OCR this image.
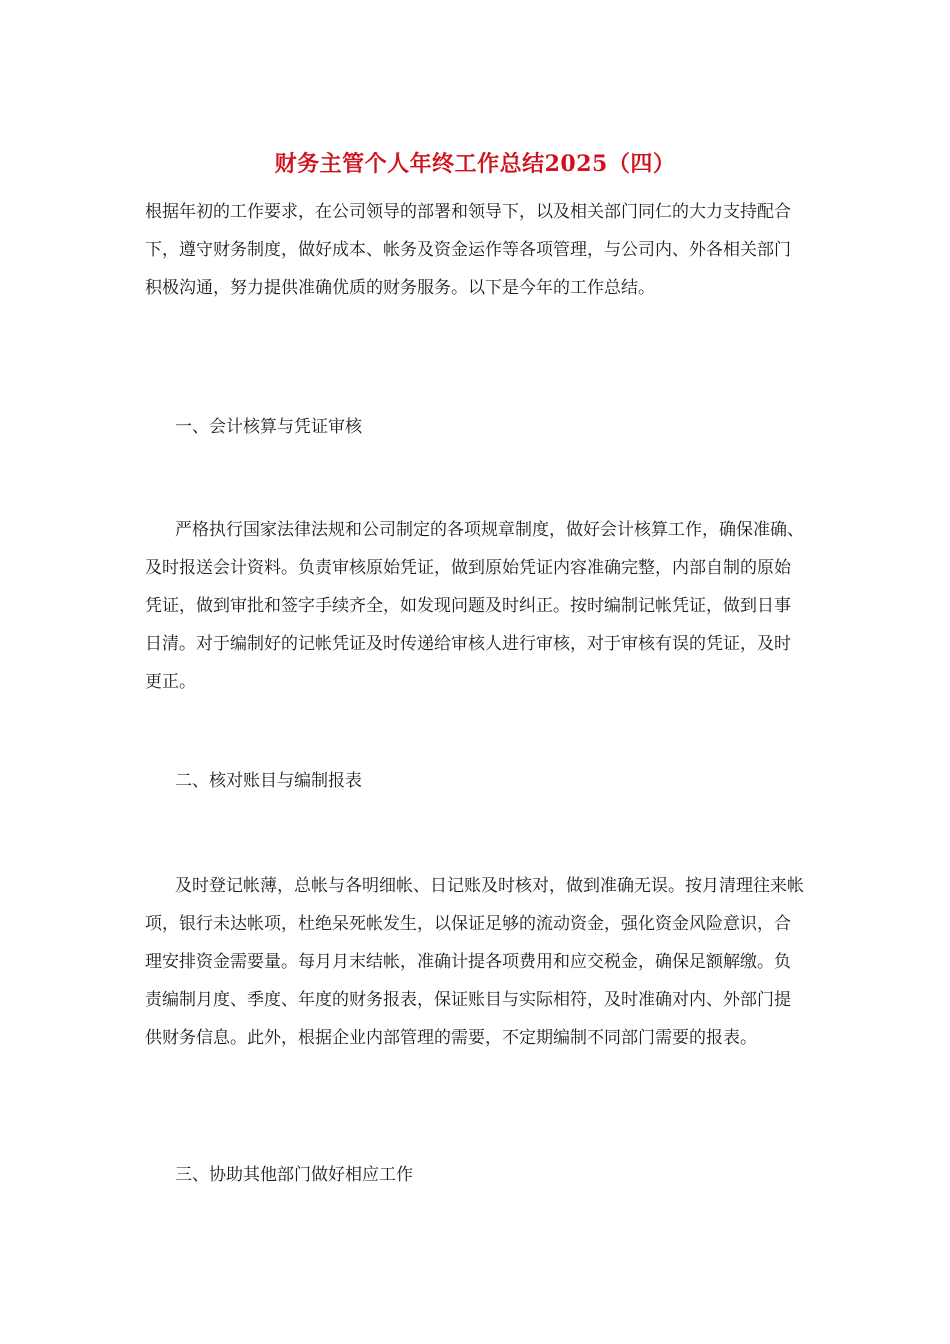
财务主管个人年终工作总结2025（四）

根据年初的工作要求，在公司领导的部署和领导下，以及相关部门同仁的大力支持配合下，遵守财务制度，做好成本、帐务及资金运作等各项管理，与公司内、外各相关部门积极沟通，努力提供准确优质的财务服务。以下是今年的工作总结。

一、会计核算与凭证审核

严格执行国家法律法规和公司制定的各项规章制度，做好会计核算工作，确保准确、及时报送会计资料。负责审核原始凭证，做到原始凭证内容准确完整，内部自制的原始凭证，做到审批和签字手续齐全，如发现问题及时纠正。按时编制记帐凭证，做到日事日清。对于编制好的记帐凭证及时传递给审核人进行审核，对于审核有误的凭证，及时更正。

二、核对账目与编制报表

及时登记帐薄，总帐与各明细帐、日记账及时核对，做到准确无误。按月清理往来帐项，银行未达帐项，杜绝呆死帐发生，以保证足够的流动资金，强化资金风险意识，合理安排资金需要量。每月月末结帐，准确计提各项费用和应交税金，确保足额解缴。负责编制月度、季度、年度的财务报表，保证账目与实际相符，及时准确对内、外部门提供财务信息。此外，根据企业内部管理的需要，不定期编制不同部门需要的报表。

三、协助其他部门做好相应工作
